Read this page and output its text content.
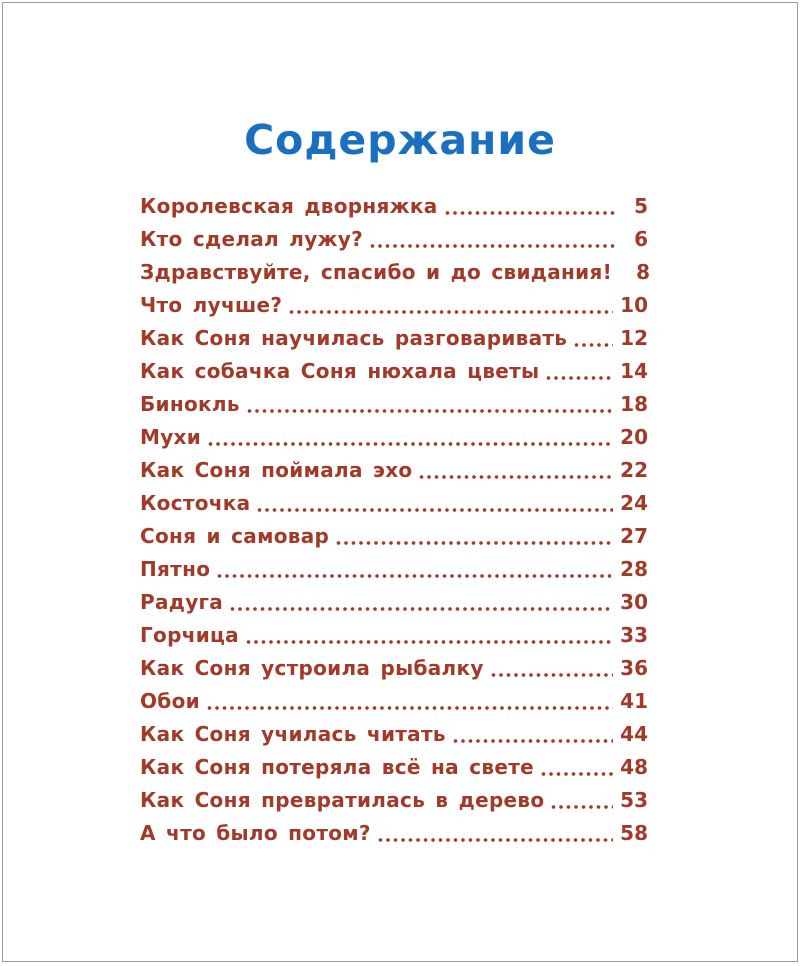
Содержание
Королевская дворняжка	5
Кто сделал лужу?	6
Здравствуйте, спасибо и до свидания!	8
Что лучше?	10
Как Соня научилась разговаривать	12
Как собачка Соня нюхала цветы	14
Бинокль	18
Мухи	20
Как Соня поймала эхо	22
Косточка	24
Соня и самовар	27
Пятно	28
Радуга	30
Горчица	33
Как Соня устроила рыбалку	36
Обои	41
Как Соня училась читать	44
Как Соня потеряла всё на свете	48
Как Соня превратилась в дерево	53
А что было потом?	58
